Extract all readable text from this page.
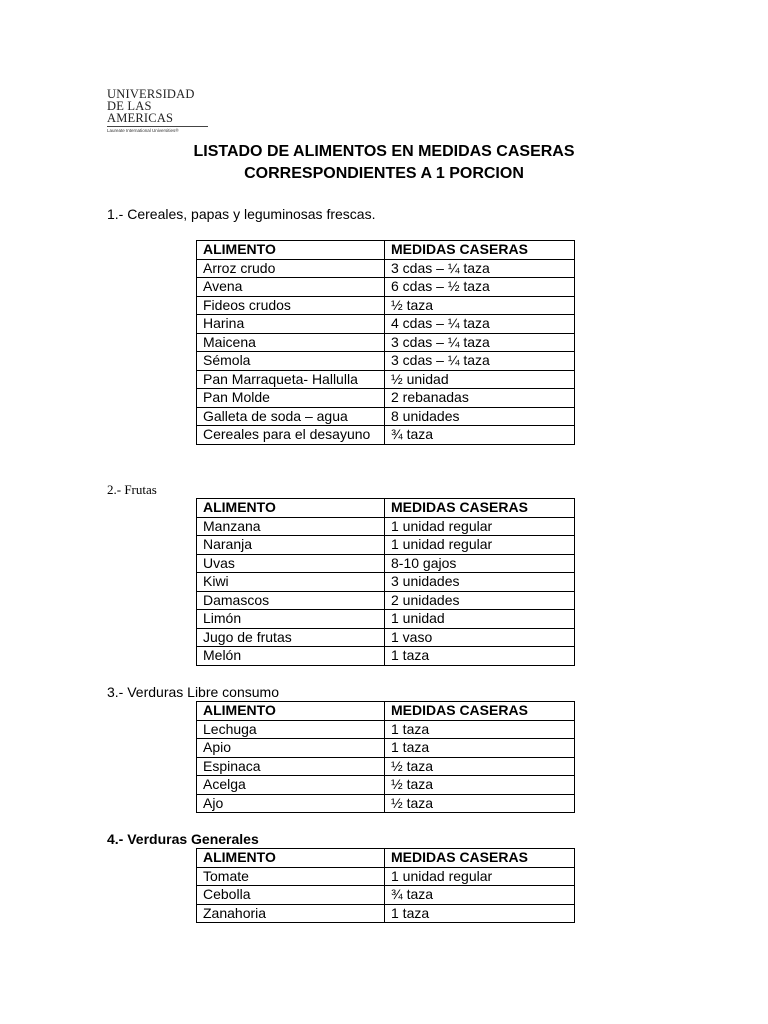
UNIVERSIDAD
DE LAS AMERICAS
Laureate International Universities®
LISTADO DE ALIMENTOS EN MEDIDAS CASERAS
CORRESPONDIENTES A 1 PORCION
1.- Cereales, papas y leguminosas frescas.
ALIMENTO	MEDIDAS CASERAS
Arroz crudo	3 cdas – ¼ taza
Avena	6 cdas – ½ taza
Fideos crudos	½ taza
Harina	4 cdas – ¼ taza
Maicena	3 cdas – ¼ taza
Sémola	3 cdas – ¼ taza
Pan Marraqueta- Hallulla	½ unidad
Pan Molde	2 rebanadas
Galleta de soda – agua	8 unidades
Cereales para el desayuno	¾ taza
2.- Frutas
ALIMENTO	MEDIDAS CASERAS
Manzana	1 unidad regular
Naranja	1 unidad regular
Uvas	8-10 gajos
Kiwi	3 unidades
Damascos	2 unidades
Limón	1 unidad
Jugo de frutas	1 vaso
Melón	1 taza
3.- Verduras Libre consumo
ALIMENTO	MEDIDAS CASERAS
Lechuga	1 taza
Apio	1 taza
Espinaca	½ taza
Acelga	½ taza
Ajo	½ taza
4.- Verduras Generales
ALIMENTO	MEDIDAS CASERAS
Tomate	1 unidad regular
Cebolla	¾ taza
Zanahoria	1 taza
